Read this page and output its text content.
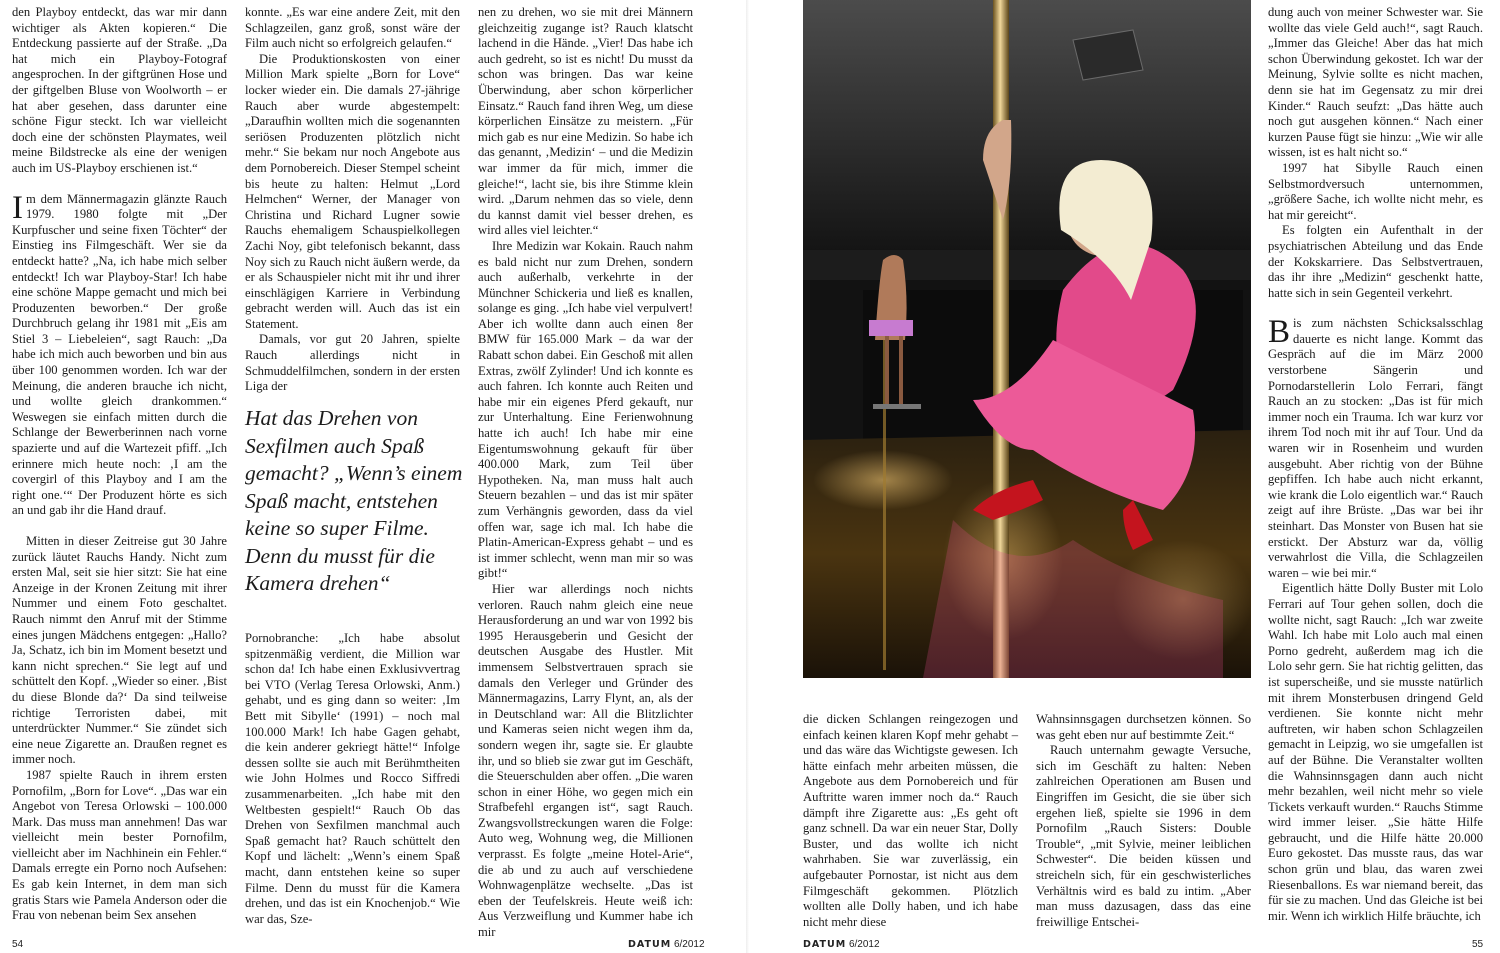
den Playboy entdeckt, das war mir dann wichtiger als Akten kopieren.“ Die Entdeckung passierte auf der Straße. „Da hat mich ein Playboy-Fotograf angesprochen. In der giftgrünen Hose und der giftgelben Bluse von Woolworth – er hat aber gesehen, dass darunter eine schöne Figur steckt. Ich war vielleicht doch eine der schönsten Playmates, weil meine Bildstrecke als eine der wenigen auch im US-Playboy erschienen ist.“

Im dem Männermagazin glänzte Rauch 1979. 1980 folgte mit „Der Kurpfuscher und seine fixen Töchter“ der Einstieg ins Filmgeschäft. Wer sie da entdeckt hatte? „Na, ich habe mich selber entdeckt! Ich war Playboy-Star! Ich habe eine schöne Mappe gemacht und mich bei Produzenten beworben.“ Der große Durchbruch gelang ihr 1981 mit „Eis am Stiel 3 – Liebeleien“, sagt Rauch: „Da habe ich mich auch beworben und bin aus über 100 genommen worden. Ich war der Meinung, die anderen brauche ich nicht, und wollte gleich drankommen.“ Weswegen sie einfach mitten durch die Schlange der Bewerberinnen nach vorne spazierte und auf die Wartezeit pfiff. „Ich erinnere mich heute noch: ‚I am the covergirl of this Playboy and I am the right one.‘“ Der Produzent hörte es sich an und gab ihr die Hand drauf.

Mitten in dieser Zeitreise gut 30 Jahre zurück läutet Rauchs Handy. Nicht zum ersten Mal, seit sie hier sitzt: Sie hat eine Anzeige in der Kronen Zeitung mit ihrer Nummer und einem Foto geschaltet. Rauch nimmt den Anruf mit der Stimme eines jungen Mädchens entgegen: „Hallo? Ja, Schatz, ich bin im Moment besetzt und kann nicht sprechen.“ Sie legt auf und schüttelt den Kopf. „Wieder so einer. ‚Bist du diese Blonde da?‘ Da sind teilweise richtige Terroristen dabei, mit unterdrückter Nummer.“ Sie zündet sich eine neue Zigarette an. Draußen regnet es immer noch.

1987 spielte Rauch in ihrem ersten Pornofilm, „Born for Love“. „Das war ein Angebot von Teresa Orlowski – 100.000 Mark. Das muss man annehmen! Das war vielleicht mein bester Pornofilm, vielleicht aber im Nachhinein ein Fehler.“ Damals erregte ein Porno noch Aufsehen: Es gab kein Internet, in dem man sich gratis Stars wie Pamela Anderson oder die Frau von nebenan beim Sex ansehen

konnte. „Es war eine andere Zeit, mit den Schlagzeilen, ganz groß, sonst wäre der Film auch nicht so erfolgreich gelaufen.“

Die Produktionskosten von einer Million Mark spielte „Born for Love“ locker wieder ein. Die damals 27-jährige Rauch aber wurde abgestempelt: „Daraufhin wollten mich die sogenannten seriösen Produzenten plötzlich nicht mehr.“ Sie bekam nur noch Angebote aus dem Pornobereich. Dieser Stempel scheint bis heute zu halten: Helmut „Lord Helmchen“ Werner, der Manager von Christina und Richard Lugner sowie Rauchs ehemaligem Schauspielkollegen Zachi Noy, gibt telefonisch bekannt, dass Noy sich zu Rauch nicht äußern werde, da er als Schauspieler nicht mit ihr und ihrer einschlägigen Karriere in Verbindung gebracht werden will. Auch das ist ein Statement.

Damals, vor gut 20 Jahren, spielte Rauch allerdings nicht in Schmuddelfilmchen, sondern in der ersten Liga der

Hat das Drehen von Sexfilmen auch Spaß gemacht? „Wenn’s einem Spaß macht, entstehen keine so super Filme. Denn du musst für die Kamera drehen“

Pornobranche: „Ich habe absolut spitzenmäßig verdient, die Million war schon da! Ich habe einen Exklusivvertrag bei VTO (Verlag Teresa Orlowski, Anm.) gehabt, und es ging dann so weiter: ‚Im Bett mit Sibylle‘ (1991) – noch mal 100.000 Mark! Ich habe Gagen gehabt, die kein anderer gekriegt hätte!“ Infolge dessen sollte sie auch mit Berühmtheiten wie John Holmes und Rocco Siffredi zusammenarbeiten. „Ich habe mit den Weltbesten gespielt!“ Rauch Ob das Drehen von Sexfilmen manchmal auch Spaß gemacht hat? Rauch schüttelt den Kopf und lächelt: „Wenn’s einem Spaß macht, dann entstehen keine so super Filme. Denn du musst für die Kamera drehen, und das ist ein Knochenjob.“ Wie war das, Sze-

nen zu drehen, wo sie mit drei Männern gleichzeitig zugange ist? Rauch klatscht lachend in die Hände. „Vier! Das habe ich auch gedreht, so ist es nicht! Du musst da schon was bringen. Das war keine Überwindung, aber schon körperlicher Einsatz.“ Rauch fand ihren Weg, um diese körperlichen Einsätze zu meistern. „Für mich gab es nur eine Medizin. So habe ich das genannt, ‚Medizin‘ – und die Medizin war immer da für mich, immer die gleiche!“, lacht sie, bis ihre Stimme klein wird. „Darum nehmen das so viele, denn du kannst damit viel besser drehen, es wird alles viel leichter.“

Ihre Medizin war Kokain. Rauch nahm es bald nicht nur zum Drehen, sondern auch außerhalb, verkehrte in der Münchner Schickeria und ließ es knallen, solange es ging. „Ich habe viel verpulvert! Aber ich wollte dann auch einen 8er BMW für 165.000 Mark – da war der Rabatt schon dabei. Ein Geschoß mit allen Extras, zwölf Zylinder! Und ich konnte es auch fahren. Ich konnte auch Reiten und habe mir ein eigenes Pferd gekauft, nur zur Unterhaltung. Eine Ferienwohnung hatte ich auch! Ich habe mir eine Eigentumswohnung gekauft für über 400.000 Mark, zum Teil über Hypotheken. Na, man muss halt auch Steuern bezahlen – und das ist mir später zum Verhängnis geworden, dass da viel offen war, sage ich mal. Ich habe die Platin-American-Express gehabt – und es ist immer schlecht, wenn man mir so was gibt!“

Hier war allerdings noch nichts verloren. Rauch nahm gleich eine neue Herausforderung an und war von 1992 bis 1995 Herausgeberin und Gesicht der deutschen Ausgabe des Hustler. Mit immensem Selbstvertrauen sprach sie damals den Verleger und Gründer des Männermagazins, Larry Flynt, an, als der in Deutschland war: All die Blitzlichter und Kameras seien nicht wegen ihm da, sondern wegen ihr, sagte sie. Er glaubte ihr, und so blieb sie zwar gut im Geschäft, die Steuerschulden aber offen. „Die waren schon in einer Höhe, wo gegen mich ein Strafbefehl ergangen ist“, sagt Rauch. Zwangsvollstreckungen waren die Folge: Auto weg, Wohnung weg, die Millionen verprasst. Es folgte „meine Hotel-Arie“, die ab und zu auch auf verschiedene Wohnwagenplätze wechselte. „Das ist eben der Teufelskreis. Heute weiß ich: Aus Verzweiflung und Kummer habe ich mir

54	DATUM 6/2012

die dicken Schlangen reingezogen und einfach keinen klaren Kopf mehr gehabt – und das wäre das Wichtigste gewesen. Ich hätte einfach mehr arbeiten müssen, die Angebote aus dem Pornobereich und für Auftritte waren immer noch da.“ Rauch dämpft ihre Zigarette aus: „Es geht oft ganz schnell. Da war ein neuer Star, Dolly Buster, und das wollte ich nicht wahrhaben. Sie war zuverlässig, ein aufgebauter Pornostar, ist nicht aus dem Filmgeschäft gekommen. Plötzlich wollten alle Dolly haben, und ich habe nicht mehr diese

Wahnsinnsgagen durchsetzen können. So was geht eben nur auf bestimmte Zeit.“

Rauch unternahm gewagte Versuche, sich im Geschäft zu halten: Neben zahlreichen Operationen am Busen und Eingriffen im Gesicht, die sie über sich ergehen ließ, spielte sie 1996 in dem Pornofilm „Rauch Sisters: Double Trouble“, „mit Sylvie, meiner leiblichen Schwester“. Die beiden küssen und streicheln sich, für ein geschwisterliches Verhältnis wird es bald zu intim. „Aber man muss dazusagen, dass das eine freiwillige Entschei-

dung auch von meiner Schwester war. Sie wollte das viele Geld auch!“, sagt Rauch. „Immer das Gleiche! Aber das hat mich schon Überwindung gekostet. Ich war der Meinung, Sylvie sollte es nicht machen, denn sie hat im Gegensatz zu mir drei Kinder.“ Rauch seufzt: „Das hätte auch noch gut ausgehen können.“ Nach einer kurzen Pause fügt sie hinzu: „Wie wir alle wissen, ist es halt nicht so.“

1997 hat Sibylle Rauch einen Selbstmordversuch unternommen, „größere Sache, ich wollte nicht mehr, es hat mir gereicht“.

Es folgten ein Aufenthalt in der psychiatrischen Abteilung und das Ende der Kokskarriere. Das Selbstvertrauen, das ihr ihre „Medizin“ geschenkt hatte, hatte sich in sein Gegenteil verkehrt.

Bis zum nächsten Schicksalsschlag dauerte es nicht lange. Kommt das Gespräch auf die im März 2000 verstorbene Sängerin und Pornodarstellerin Lolo Ferrari, fängt Rauch an zu stocken: „Das ist für mich immer noch ein Trauma. Ich war kurz vor ihrem Tod noch mit ihr auf Tour. Und da waren wir in Rosenheim und wurden ausgebuht. Aber richtig von der Bühne gepfiffen. Ich habe auch nicht erkannt, wie krank die Lolo eigentlich war.“ Rauch zeigt auf ihre Brüste. „Das war bei ihr steinhart. Das Monster von Busen hat sie erstickt. Der Absturz war da, völlig verwahrlost die Villa, die Schlagzeilen waren – wie bei mir.“

Eigentlich hätte Dolly Buster mit Lolo Ferrari auf Tour gehen sollen, doch die wollte nicht, sagt Rauch: „Ich war zweite Wahl. Ich habe mit Lolo auch mal einen Porno gedreht, außerdem mag ich die Lolo sehr gern. Sie hat richtig gelitten, das ist superscheiße, und sie musste natürlich mit ihrem Monsterbusen dringend Geld verdienen. Sie konnte nicht mehr auftreten, wir haben schon Schlagzeilen gemacht in Leipzig, wo sie umgefallen ist auf der Bühne. Die Veranstalter wollten die Wahnsinnsgagen dann auch nicht mehr bezahlen, weil nicht mehr so viele Tickets verkauft wurden.“ Rauchs Stimme wird immer leiser. „Sie hätte Hilfe gebraucht, und die Hilfe hätte 20.000 Euro gekostet. Das musste raus, das war schon grün und blau, das waren zwei Riesenballons. Es war niemand bereit, das für sie zu machen. Und das Gleiche ist bei mir. Wenn ich wirklich Hilfe bräuchte, ich

DATUM 6/2012	55
